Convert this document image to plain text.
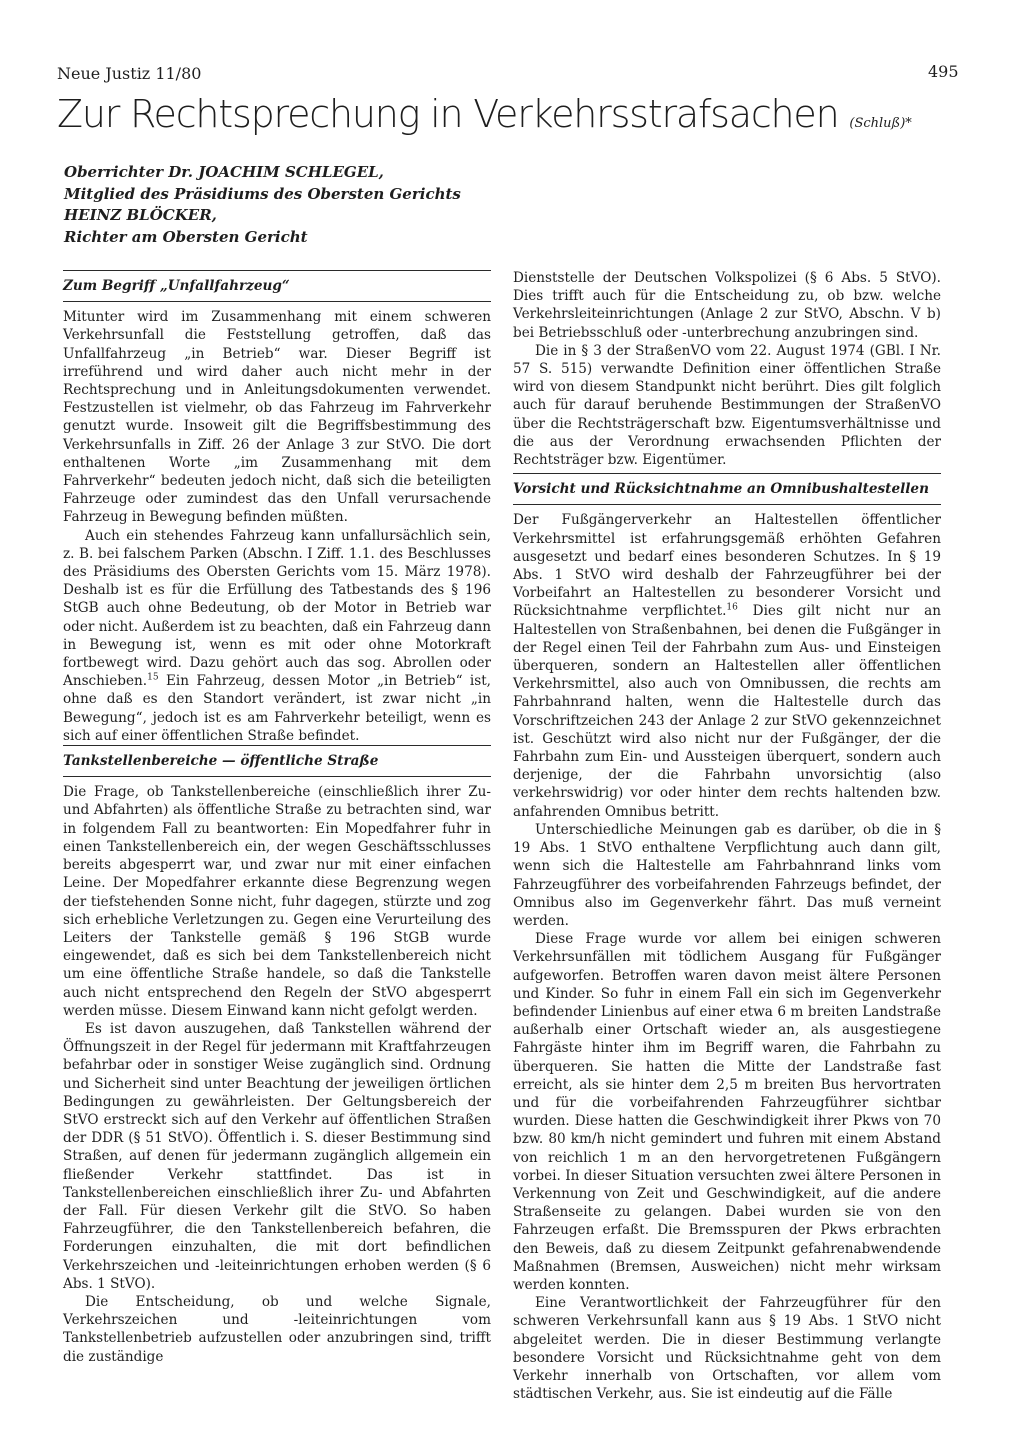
Neue Justiz 11/80	495
Zur Rechtsprechung in Verkehrsstrafsachen (Schluß)*
Oberrichter Dr. JOACHIM SCHLEGEL,
Mitglied des Präsidiums des Obersten Gerichts
HEINZ BLÖCKER,
Richter am Obersten Gericht
Zum Begriff „Unfallfahrzeug“

Mitunter wird im Zusammenhang mit einem schweren Verkehrsunfall die Feststellung getroffen, daß das Unfallfahrzeug „in Betrieb“ war. Dieser Begriff ist irreführend und wird daher auch nicht mehr in der Rechtsprechung und in Anleitungsdokumenten verwendet. Festzustellen ist vielmehr, ob das Fahrzeug im Fahrverkehr genutzt wurde. Insoweit gilt die Begriffsbestimmung des Verkehrsunfalls in Ziff. 26 der Anlage 3 zur StVO. Die dort enthaltenen Worte „im Zusammenhang mit dem Fahrverkehr“ bedeuten jedoch nicht, daß sich die beteiligten Fahrzeuge oder zumindest das den Unfall verursachende Fahrzeug in Bewegung befinden müßten.

Auch ein stehendes Fahrzeug kann unfallursächlich sein, z. B. bei falschem Parken (Abschn. I Ziff. 1.1. des Beschlusses des Präsidiums des Obersten Gerichts vom 15. März 1978). Deshalb ist es für die Erfüllung des Tatbestands des § 196 StGB auch ohne Bedeutung, ob der Motor in Betrieb war oder nicht. Außerdem ist zu beachten, daß ein Fahrzeug dann in Bewegung ist, wenn es mit oder ohne Motorkraft fortbewegt wird. Dazu gehört auch das sog. Abrollen oder Anschieben.$^{15}$ Ein Fahrzeug, dessen Motor „in Betrieb“ ist, ohne daß es den Standort verändert, ist zwar nicht „in Bewegung“, jedoch ist es am Fahrverkehr beteiligt, wenn es sich auf einer öffentlichen Straße befindet.

Tankstellenbereiche — öffentliche Straße

Die Frage, ob Tankstellenbereiche (einschließlich ihrer Zu- und Abfahrten) als öffentliche Straße zu betrachten sind, war in folgendem Fall zu beantworten: Ein Mopedfahrer fuhr in einen Tankstellenbereich ein, der wegen Geschäftsschlusses bereits abgesperrt war, und zwar nur mit einer einfachen Leine. Der Mopedfahrer erkannte diese Begrenzung wegen der tiefstehenden Sonne nicht, fuhr dagegen, stürzte und zog sich erhebliche Verletzungen zu. Gegen eine Verurteilung des Leiters der Tankstelle gemäß § 196 StGB wurde eingewendet, daß es sich bei dem Tankstellenbereich nicht um eine öffentliche Straße handele, so daß die Tankstelle auch nicht entsprechend den Regeln der StVO abgesperrt werden müsse. Diesem Einwand kann nicht gefolgt werden.

Es ist davon auszugehen, daß Tankstellen während der Öffnungszeit in der Regel für jedermann mit Kraftfahrzeugen befahrbar oder in sonstiger Weise zugänglich sind. Ordnung und Sicherheit sind unter Beachtung der jeweiligen örtlichen Bedingungen zu gewährleisten. Der Geltungsbereich der StVO erstreckt sich auf den Verkehr auf öffentlichen Straßen der DDR (§ 51 StVO). Öffentlich i. S. dieser Bestimmung sind Straßen, auf denen für jedermann zugänglich allgemein ein fließender Verkehr stattfindet. Das ist in Tankstellenbereichen einschließlich ihrer Zu- und Abfahrten der Fall. Für diesen Verkehr gilt die StVO. So haben Fahrzeugführer, die den Tankstellenbereich befahren, die Forderungen einzuhalten, die mit dort befindlichen Verkehrszeichen und -leiteinrichtungen erhoben werden (§ 6 Abs. 1 StVO).

Die Entscheidung, ob und welche Signale, Verkehrszeichen und -leiteinrichtungen vom Tankstellenbetrieb aufzustellen oder anzubringen sind, trifft die zuständige

Dienststelle der Deutschen Volkspolizei (§ 6 Abs. 5 StVO). Dies trifft auch für die Entscheidung zu, ob bzw. welche Verkehrsleiteinrichtungen (Anlage 2 zur StVO, Abschn. V b) bei Betriebsschluß oder -unterbrechung anzubringen sind.

Die in § 3 der StraßenVO vom 22. August 1974 (GBl. I Nr. 57 S. 515) verwandte Definition einer öffentlichen Straße wird von diesem Standpunkt nicht berührt. Dies gilt folglich auch für darauf beruhende Bestimmungen der StraßenVO über die Rechtsträgerschaft bzw. Eigentumsverhältnisse und die aus der Verordnung erwachsenden Pflichten der Rechtsträger bzw. Eigentümer.

Vorsicht und Rücksichtnahme an Omnibushaltestellen

Der Fußgängerverkehr an Haltestellen öffentlicher Verkehrsmittel ist erfahrungsgemäß erhöhten Gefahren ausgesetzt und bedarf eines besonderen Schutzes. In § 19 Abs. 1 StVO wird deshalb der Fahrzeugführer bei der Vorbeifahrt an Haltestellen zu besonderer Vorsicht und Rücksichtnahme verpflichtet.$^{16}$ Dies gilt nicht nur an Haltestellen von Straßenbahnen, bei denen die Fußgänger in der Regel einen Teil der Fahrbahn zum Aus- und Einsteigen überqueren, sondern an Haltestellen aller öffentlichen Verkehrsmittel, also auch von Omnibussen, die rechts am Fahrbahnrand halten, wenn die Haltestelle durch das Vorschriftzeichen 243 der Anlage 2 zur StVO gekennzeichnet ist. Geschützt wird also nicht nur der Fußgänger, der die Fahrbahn zum Ein- und Aussteigen überquert, sondern auch derjenige, der die Fahrbahn unvorsichtig (also verkehrswidrig) vor oder hinter dem rechts haltenden bzw. anfahrenden Omnibus betritt.

Unterschiedliche Meinungen gab es darüber, ob die in § 19 Abs. 1 StVO enthaltene Verpflichtung auch dann gilt, wenn sich die Haltestelle am Fahrbahnrand links vom Fahrzeugführer des vorbeifahrenden Fahrzeugs befindet, der Omnibus also im Gegenverkehr fährt. Das muß verneint werden.

Diese Frage wurde vor allem bei einigen schweren Verkehrsunfällen mit tödlichem Ausgang für Fußgänger aufgeworfen. Betroffen waren davon meist ältere Personen und Kinder. So fuhr in einem Fall ein sich im Gegenverkehr befindender Linienbus auf einer etwa 6 m breiten Landstraße außerhalb einer Ortschaft wieder an, als ausgestiegene Fahrgäste hinter ihm im Begriff waren, die Fahrbahn zu überqueren. Sie hatten die Mitte der Landstraße fast erreicht, als sie hinter dem 2,5 m breiten Bus hervortraten und für die vorbeifahrenden Fahrzeugführer sichtbar wurden. Diese hatten die Geschwindigkeit ihrer Pkws von 70 bzw. 80 km/h nicht gemindert und fuhren mit einem Abstand von reichlich 1 m an den hervorgetretenen Fußgängern vorbei. In dieser Situation versuchten zwei ältere Personen in Verkennung von Zeit und Geschwindigkeit, auf die andere Straßenseite zu gelangen. Dabei wurden sie von den Fahrzeugen erfaßt. Die Bremsspuren der Pkws erbrachten den Beweis, daß zu diesem Zeitpunkt gefahrenabwendende Maßnahmen (Bremsen, Ausweichen) nicht mehr wirksam werden konnten.

Eine Verantwortlichkeit der Fahrzeugführer für den schweren Verkehrsunfall kann aus § 19 Abs. 1 StVO nicht abgeleitet werden. Die in dieser Bestimmung verlangte besondere Vorsicht und Rücksichtnahme geht von dem Verkehr innerhalb von Ortschaften, vor allem vom städtischen Verkehr, aus. Sie ist eindeutig auf die Fälle
